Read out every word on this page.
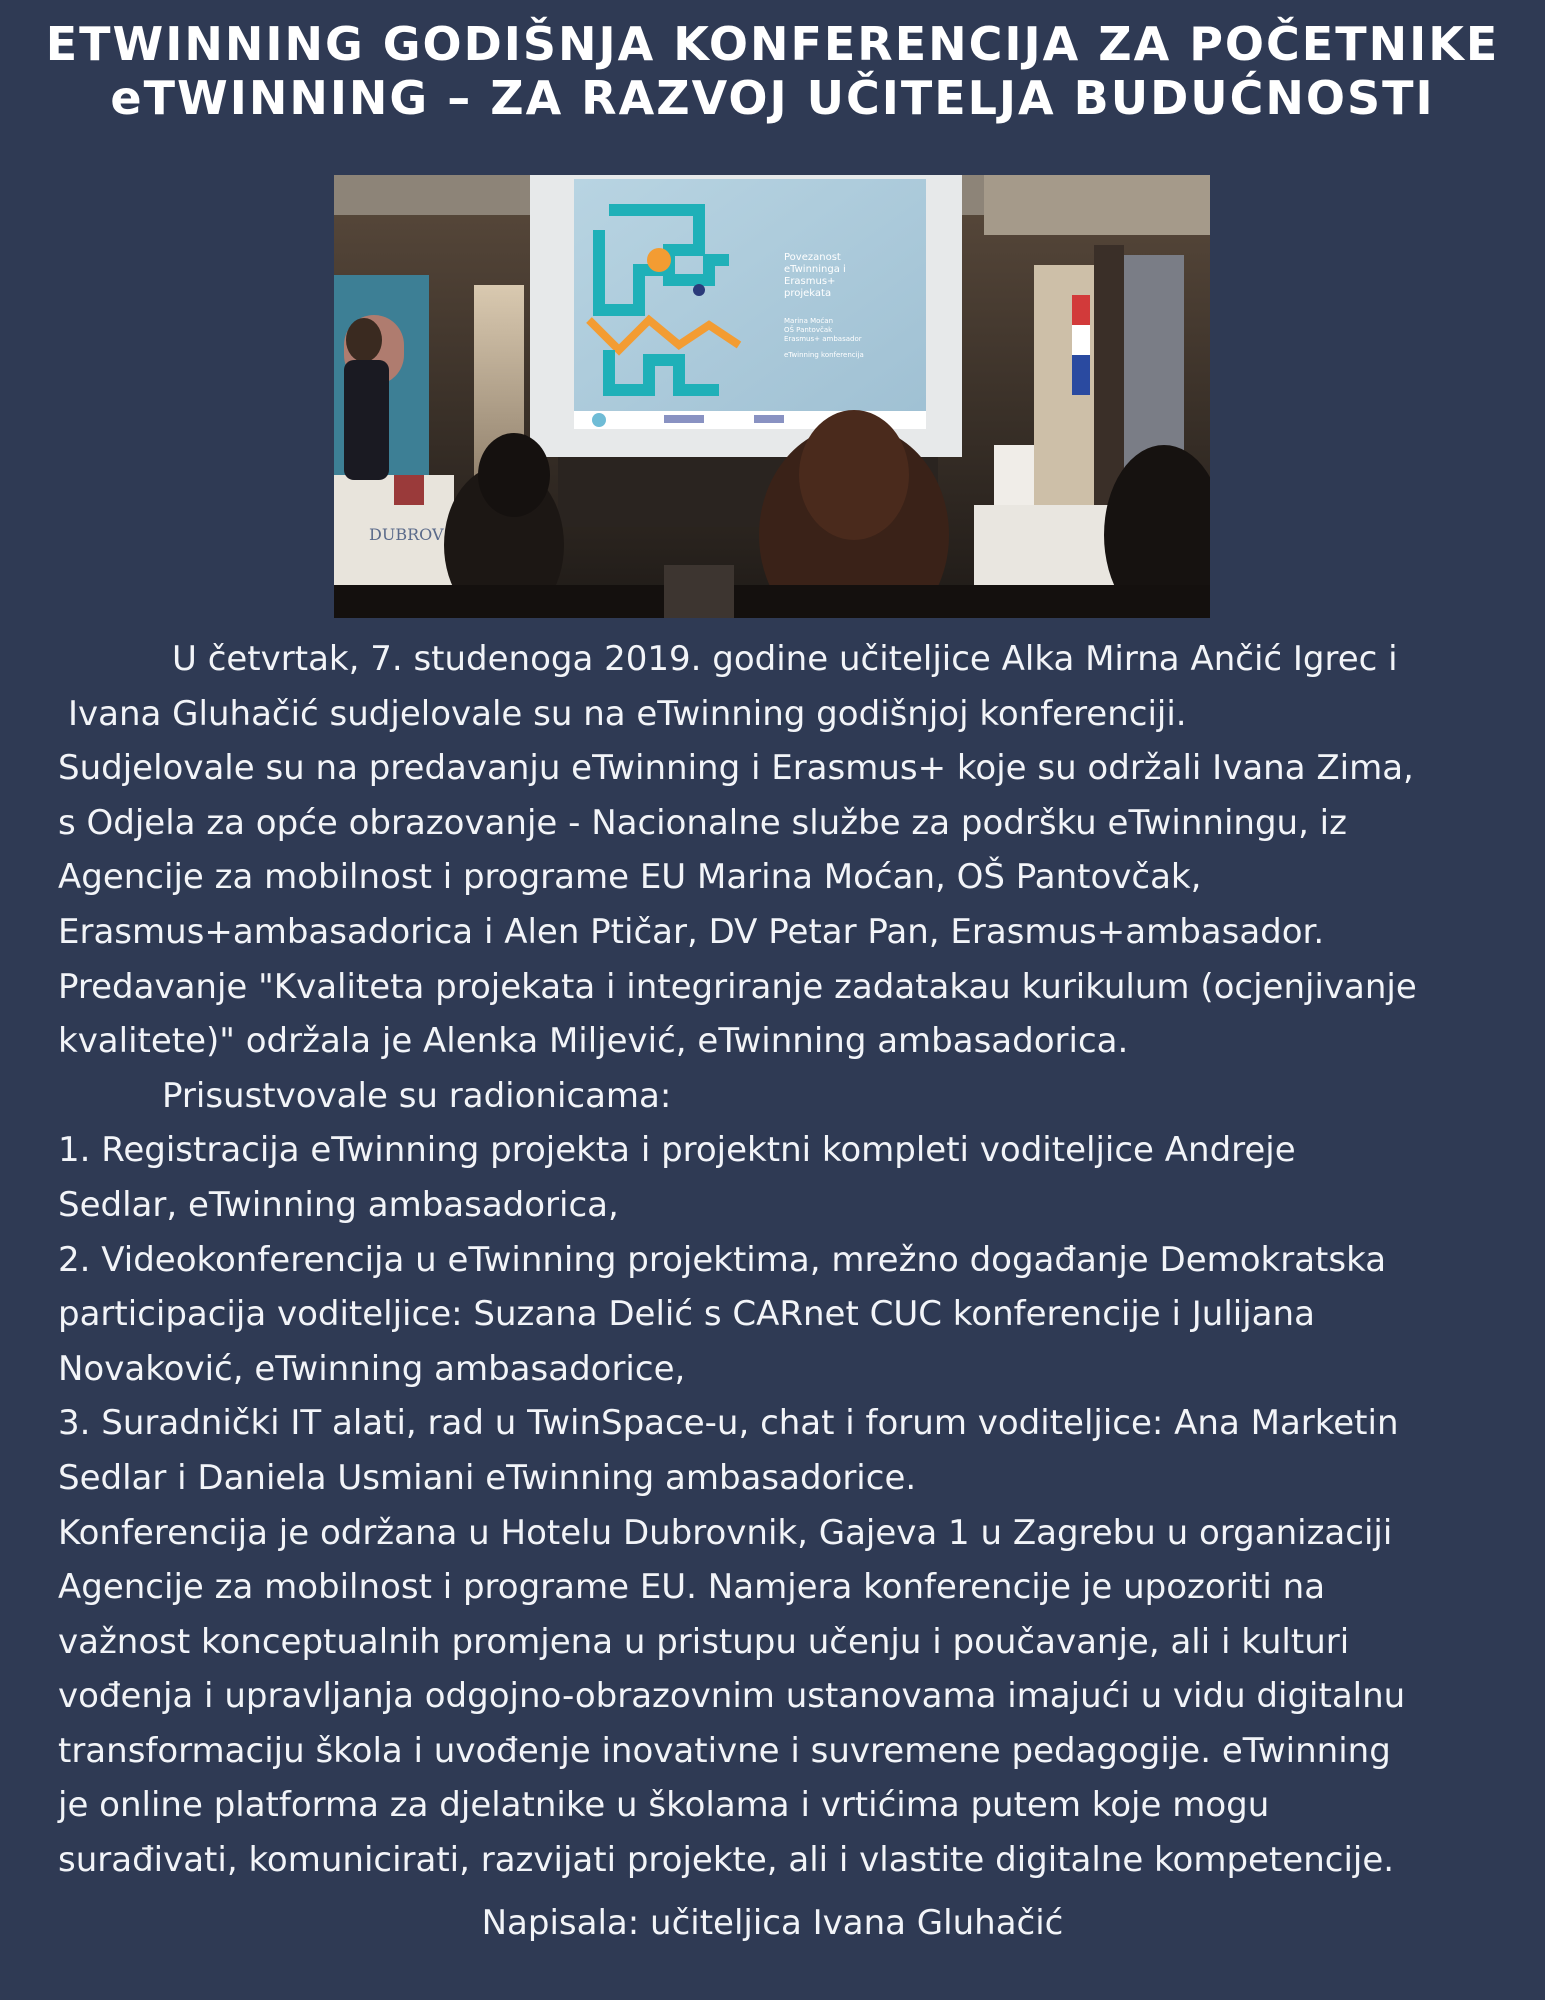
ETWINNING GODIŠNJA KONFERENCIJA ZA POČETNIKE
eTWINNING – ZA RAZVOJ UČITELJA BUDUĆNOSTI
Povezanost
eTwinninga i
Erasmus+
projekata
Marina Moćan
OŠ Pantovčak
Erasmus+ ambasador
eTwinning konferencija
DUBROV
U četvrtak, 7. studenoga 2019. godine učiteljice Alka Mirna Ančić Igrec i
Ivana Gluhačić sudjelovale su na eTwinning godišnjoj konferenciji.
Sudjelovale su na predavanju eTwinning i Erasmus+ koje su održali Ivana Zima,
s Odjela za opće obrazovanje - Nacionalne službe za podršku eTwinningu, iz
Agencije za mobilnost i programe EU Marina Moćan, OŠ Pantovčak,
Erasmus+ambasadorica i Alen Ptičar, DV Petar Pan, Erasmus+ambasador.
Predavanje "Kvaliteta projekata i integriranje zadatakau kurikulum (ocjenjivanje
kvalitete)" održala je Alenka Miljević, eTwinning ambasadorica.
Prisustvovale su radionicama:
1. Registracija eTwinning projekta i projektni kompleti voditeljice Andreje
Sedlar, eTwinning ambasadorica,
2. Videokonferencija u eTwinning projektima, mrežno događanje Demokratska
participacija voditeljice: Suzana Delić s CARnet CUC konferencije i Julijana
Novaković, eTwinning ambasadorice,
3. Suradnički IT alati, rad u TwinSpace-u, chat i forum voditeljice: Ana Marketin
Sedlar i Daniela Usmiani eTwinning ambasadorice.
Konferencija je održana u Hotelu Dubrovnik, Gajeva 1 u Zagrebu u organizaciji
Agencije za mobilnost i programe EU. Namjera konferencije je upozoriti na
važnost konceptualnih promjena u pristupu učenju i poučavanje, ali i kulturi
vođenja i upravljanja odgojno-obrazovnim ustanovama imajući u vidu digitalnu
transformaciju škola i uvođenje inovativne i suvremene pedagogije. eTwinning
je online platforma za djelatnike u školama i vrtićima putem koje mogu
surađivati, komunicirati, razvijati projekte, ali i vlastite digitalne kompetencije.
Napisala: učiteljica Ivana Gluhačić
